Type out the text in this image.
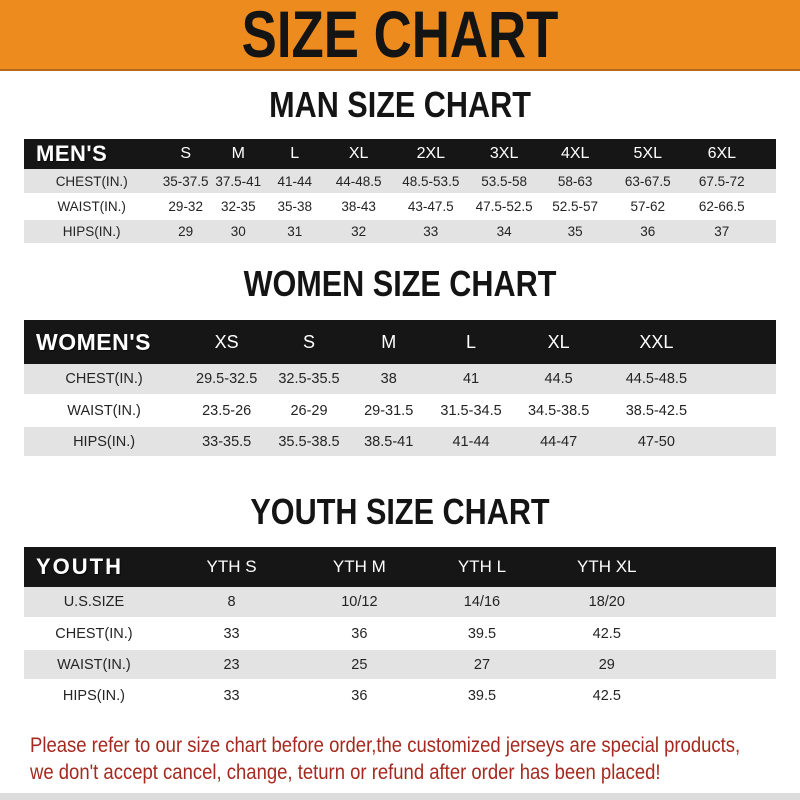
SIZE CHART
MAN SIZE CHART
MEN'S	S	M	L	XL	2XL	3XL	4XL	5XL	6XL	
CHEST(IN.)	35-37.5	37.5-41	41-44	44-48.5	48.5-53.5	53.5-58	58-63	63-67.5	67.5-72	
WAIST(IN.)	29-32	32-35	35-38	38-43	43-47.5	47.5-52.5	52.5-57	57-62	62-66.5	
HIPS(IN.)	29	30	31	32	33	34	35	36	37	
WOMEN SIZE CHART
WOMEN'S	XS	S	M	L	XL	XXL	
CHEST(IN.)	29.5-32.5	32.5-35.5	38	41	44.5	44.5-48.5	
WAIST(IN.)	23.5-26	26-29	29-31.5	31.5-34.5	34.5-38.5	38.5-42.5	
HIPS(IN.)	33-35.5	35.5-38.5	38.5-41	41-44	44-47	47-50	
YOUTH SIZE CHART
YOUTH	YTH S	YTH M	YTH L	YTH XL	
U.S.SIZE	8	10/12	14/16	18/20	
CHEST(IN.)	33	36	39.5	42.5	
WAIST(IN.)	23	25	27	29	
HIPS(IN.)	33	36	39.5	42.5	
Please refer to our size chart before order,the customized jerseys are special products,
we don't accept cancel, change, teturn or refund after order has been placed!
